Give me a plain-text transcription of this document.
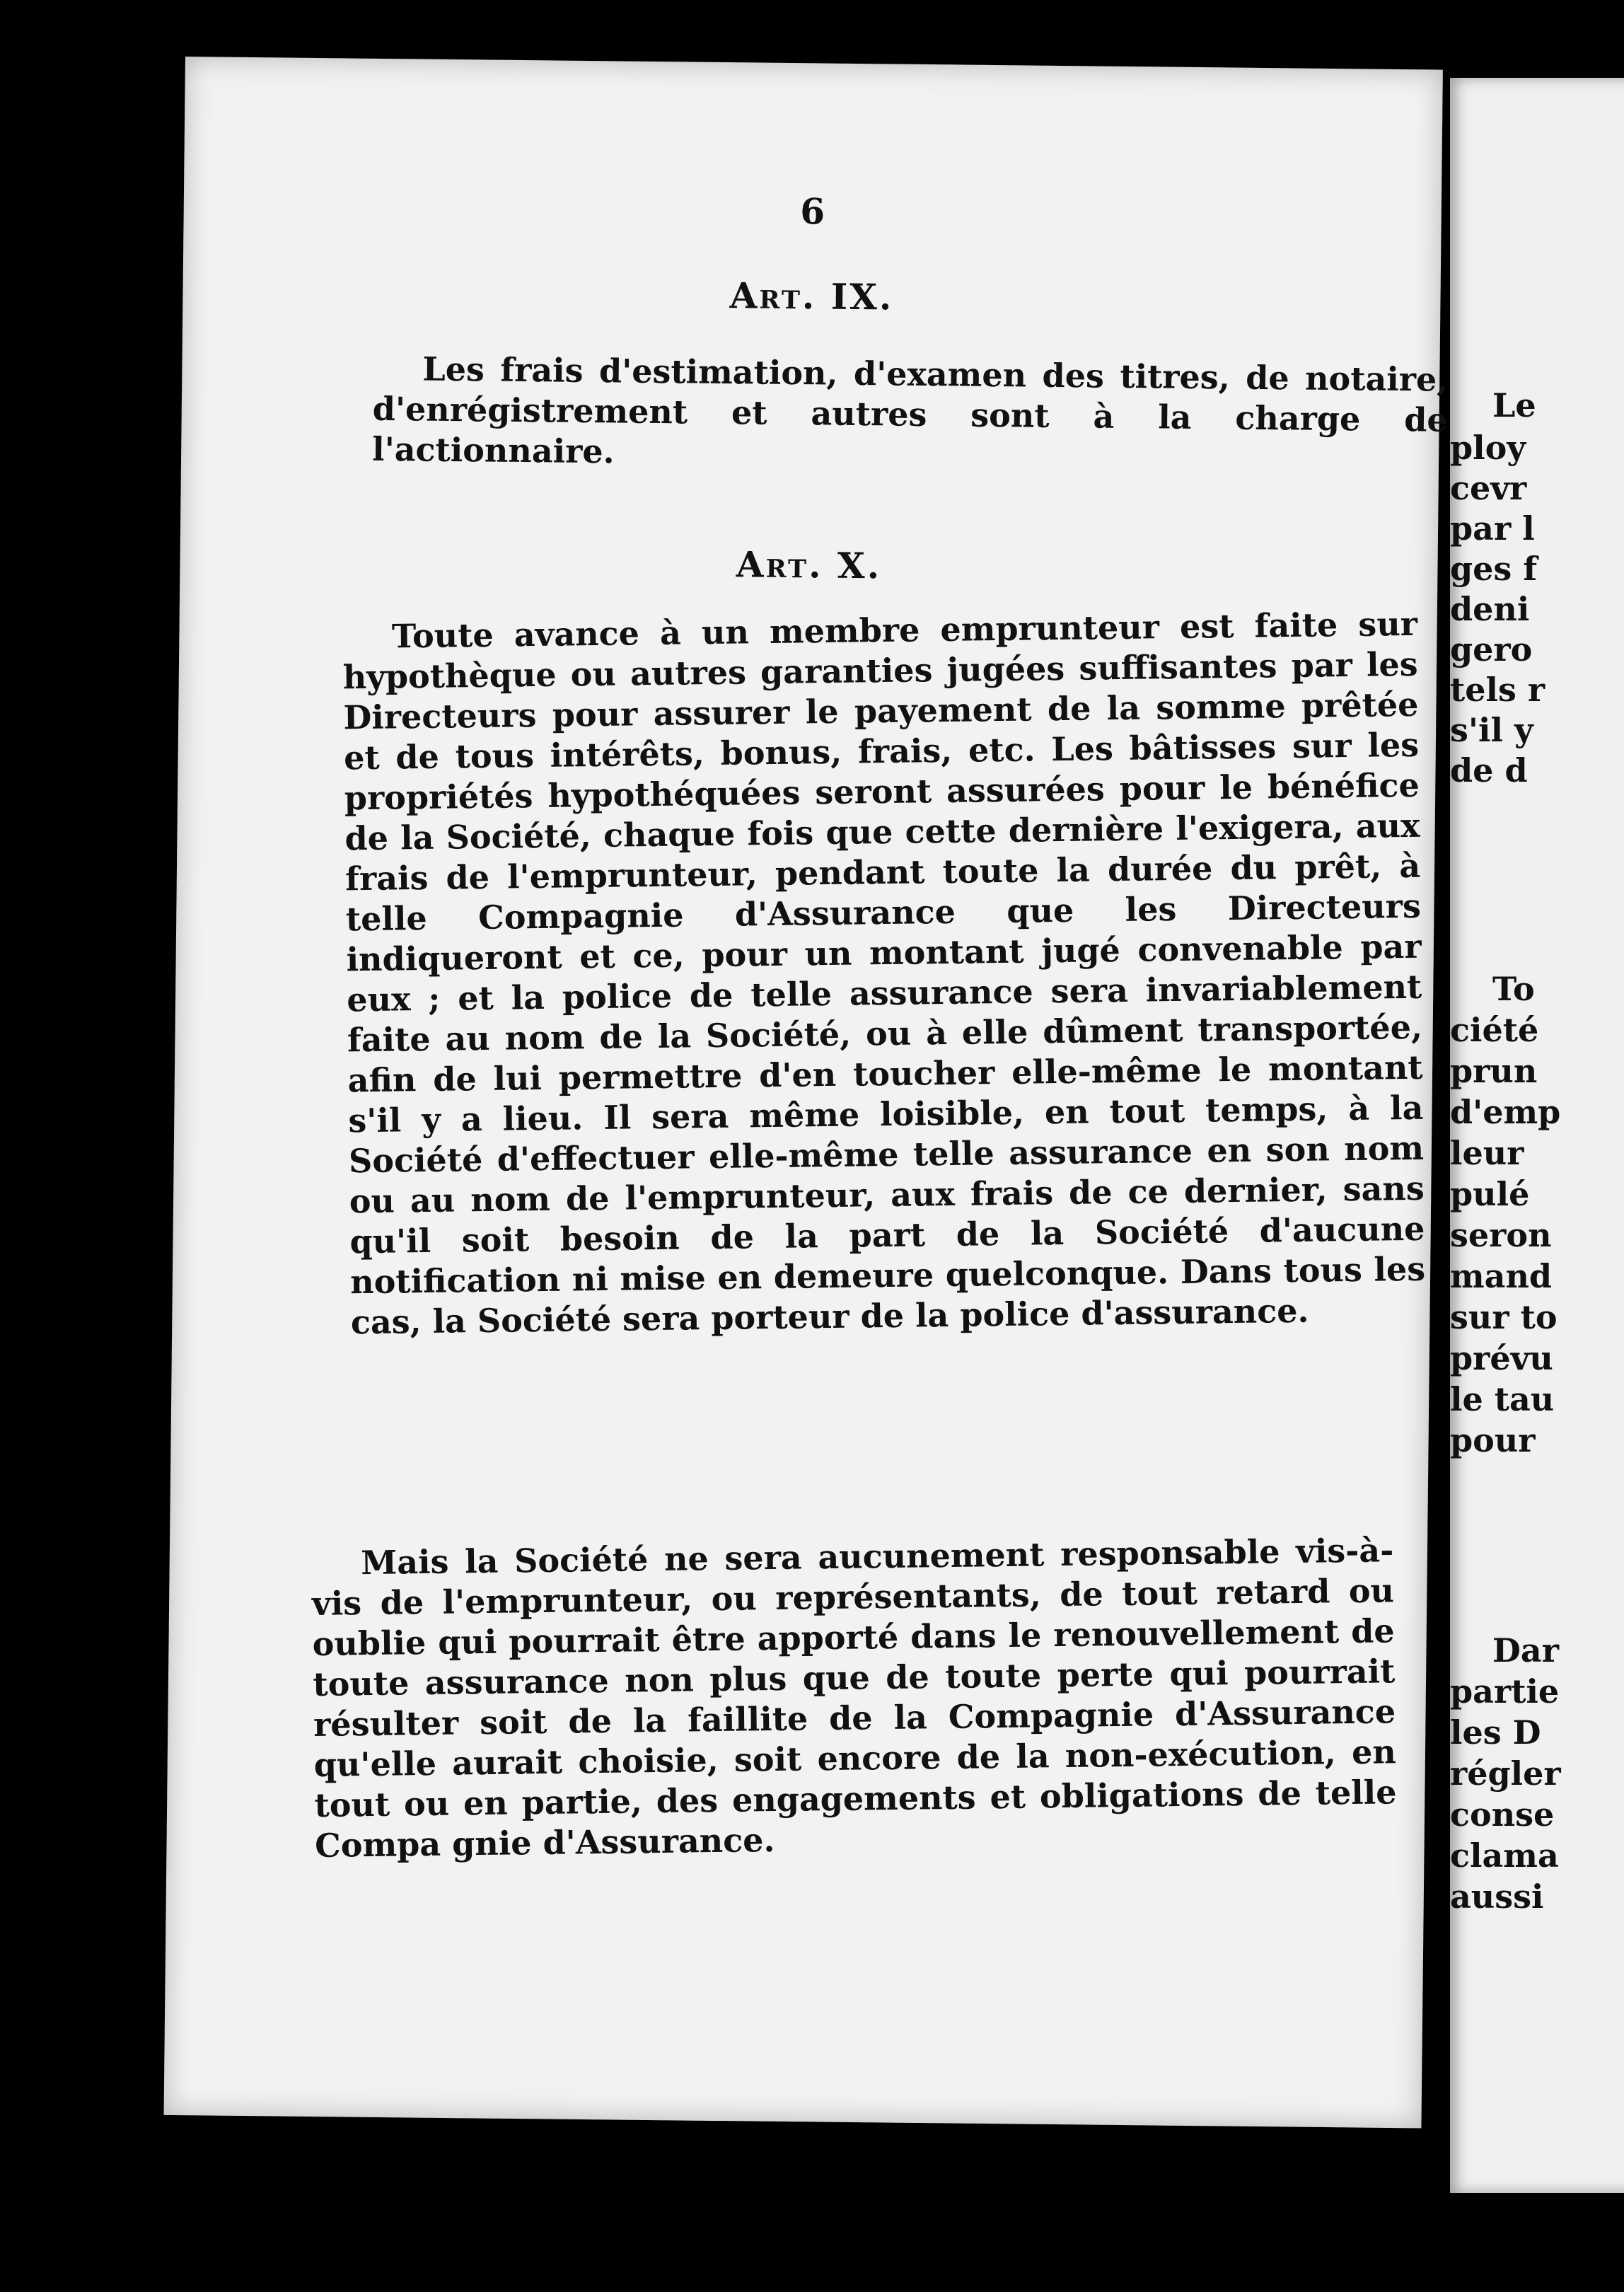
6
Art. IX.
Les frais d'estimation, d'examen des titres, de notaire, d'enrégistrement et autres sont à la charge de l'actionnaire.
Art. X.
Toute avance à un membre emprunteur est faite sur hypothèque ou autres garanties jugées suffisantes par les Directeurs pour assurer le payement de la somme prêtée et de tous intérêts, bonus, frais, etc. Les bâtisses sur les propriétés hypothéquées seront assurées pour le bénéfice de la Société, chaque fois que cette dernière l'exigera, aux frais de l'emprunteur, pendant toute la durée du prêt, à telle Compagnie d'Assurance que les Directeurs indiqueront et ce, pour un montant jugé convenable par eux ; et la police de telle assurance sera invariablement faite au nom de la Société, ou à elle dûment transportée, afin de lui permettre d'en toucher elle-même le montant s'il y a lieu. Il sera même loisible, en tout temps, à la Société d'effectuer elle-même telle assurance en son nom ou au nom de l'emprunteur, aux frais de ce dernier, sans qu'il soit besoin de la part de la Société d'aucune notification ni mise en demeure quelconque. Dans tous les cas, la Société sera porteur de la police d'assurance.
Mais la Société ne sera aucunement responsable vis-à-vis de l'emprunteur, ou représentants, de tout retard ou oublie qui pourrait être apporté dans le renouvellement de toute assurance non plus que de toute perte qui pourrait résulter soit de la faillite de la Compagnie d'Assurance qu'elle aurait choisie, soit encore de la non-exécution, en tout ou en partie, des engagements et obligations de telle Compa gnie d'Assurance.
Le
ploy
cevr
par l
ges f
deni
gero
tels r
s'il y
de d
To
ciété
prun
d'emp
leur
pulé
seron
mand
sur to
prévu
le tau
pour
Dar
partie
les D
régler
conse
clama
aussi
